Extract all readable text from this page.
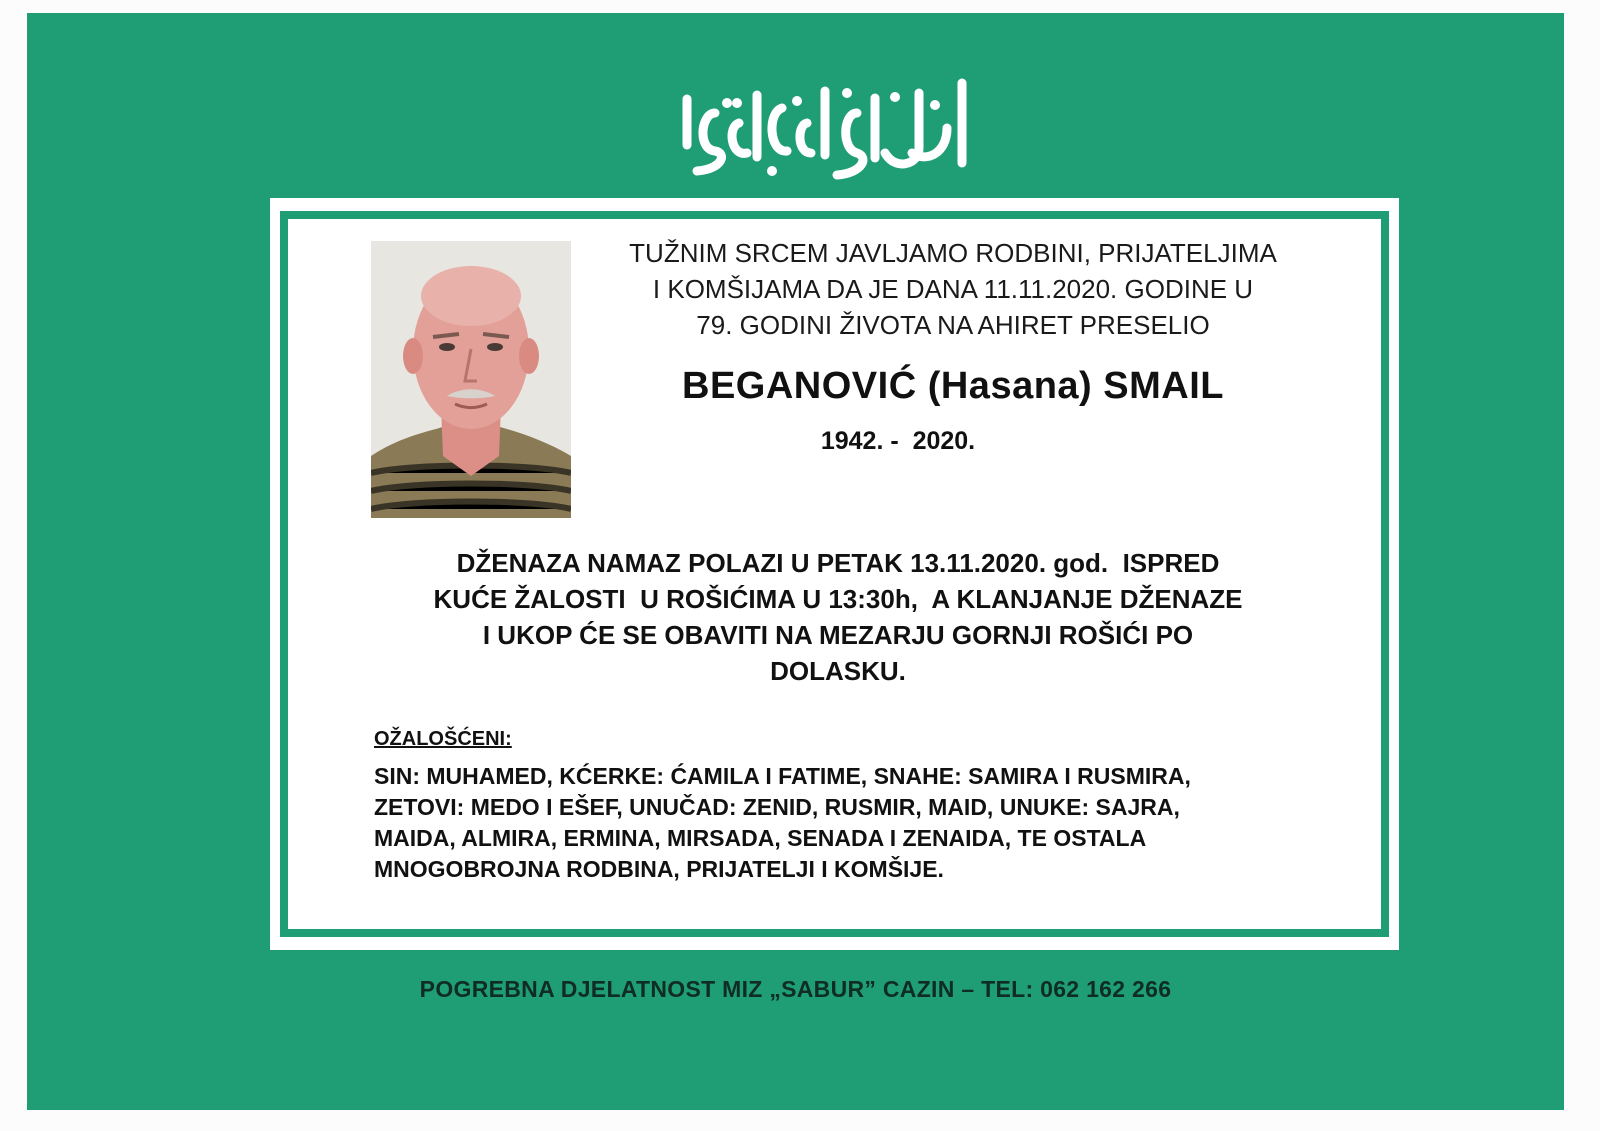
TUŽNIM SRCEM JAVLJAMO RODBINI, PRIJATELJIMA
I KOMŠIJAMA DA JE DANA 11.11.2020. GODINE U
79. GODINI ŽIVOTA NA AHIRET PRESELIO

BEGANOVIĆ (Hasana) SMAIL
1942. -  2020.

DŽENAZA NAMAZ POLAZI U PETAK 13.11.2020. god.  ISPRED
KUĆE ŽALOSTI  U ROŠIĆIMA U 13:30h,  A KLANJANJE DŽENAZE
I UKOP ĆE SE OBAVITI NA MEZARJU GORNJI ROŠIĆI PO
DOLASKU.

OŽALOŠĆENI:

SIN: MUHAMED, KĆERKE: ĆAMILA I FATIME, SNAHE: SAMIRA I RUSMIRA,
ZETOVI: MEDO I EŠEF, UNUČAD: ZENID, RUSMIR, MAID, UNUKE: SAJRA,
MAIDA, ALMIRA, ERMINA, MIRSADA, SENADA I ZENAIDA, TE OSTALA
MNOGOBROJNA RODBINA, PRIJATELJI I KOMŠIJE.

POGREBNA DJELATNOST MIZ „SABUR” CAZIN – TEL: 062 162 266
